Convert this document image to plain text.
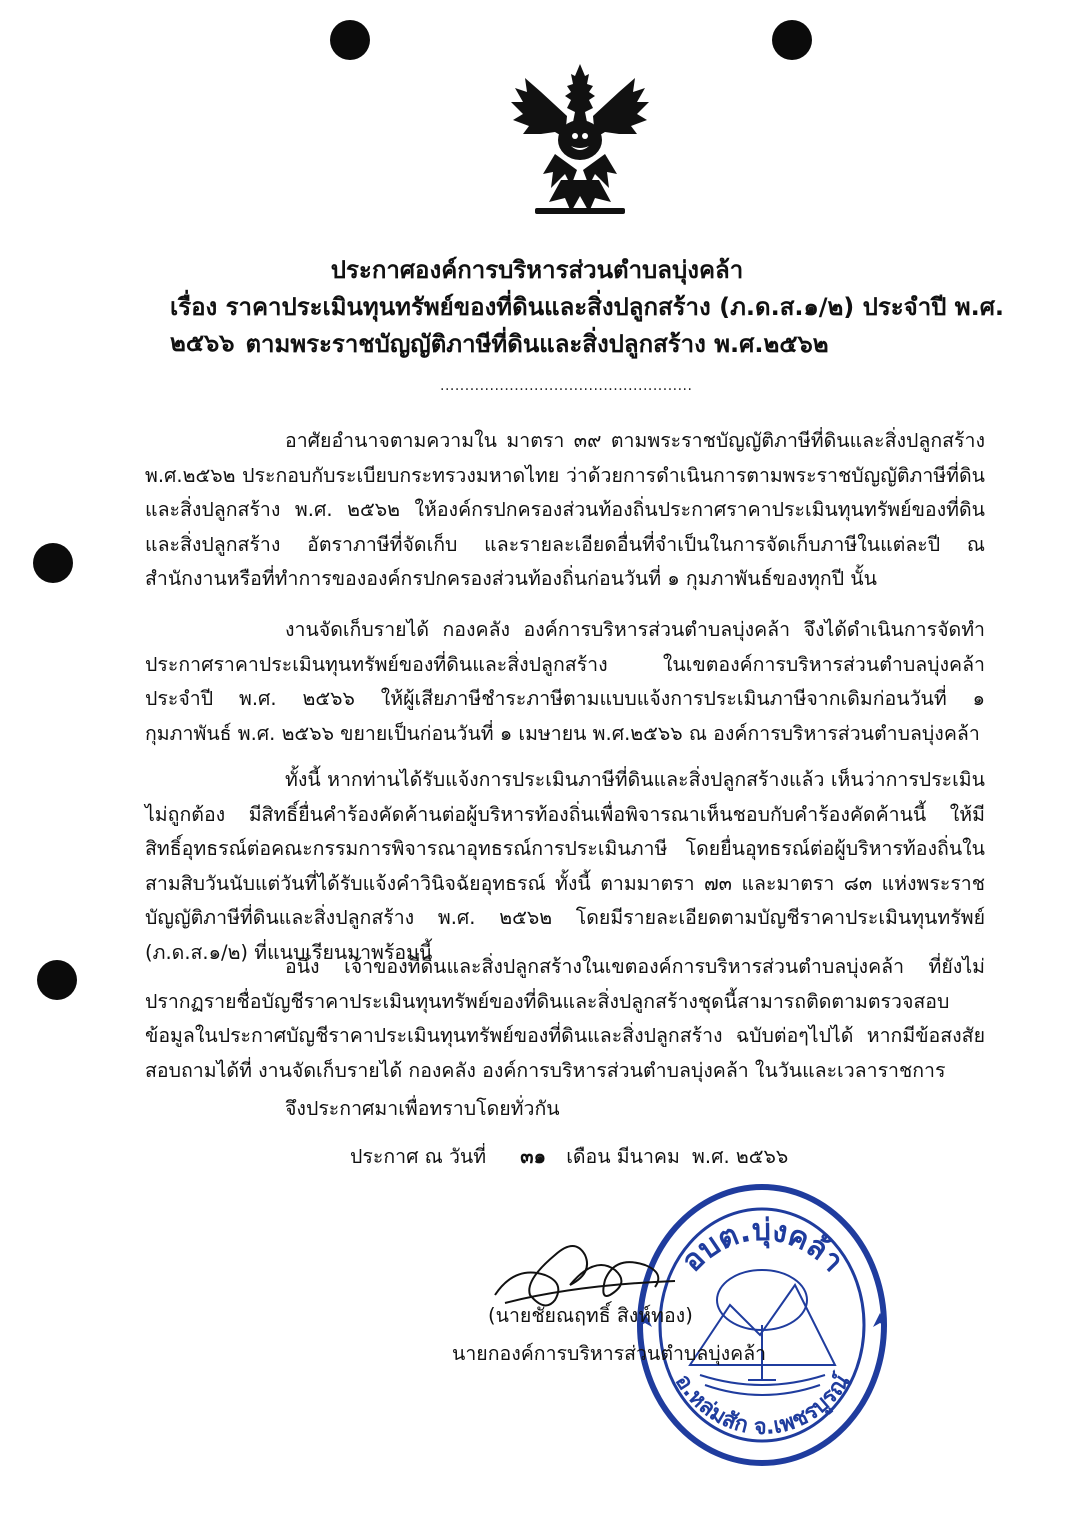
ประกาศองค์การบริหารส่วนตำบลบุ่งคล้า
เรื่อง ราคาประเมินทุนทรัพย์ของที่ดินและสิ่งปลูกสร้าง (ภ.ด.ส.๑/๒) ประจำปี พ.ศ. ๒๕๖๖ ตามพระราชบัญญัติภาษีที่ดินและสิ่งปลูกสร้าง พ.ศ.๒๕๖๒
...................................................
อาศัยอำนาจตามความใน มาตรา ๓๙ ตามพระราชบัญญัติภาษีที่ดินและสิ่งปลูกสร้าง พ.ศ.๒๕๖๒ ประกอบกับระเบียบกระทรวงมหาดไทย ว่าด้วยการดำเนินการตามพระราชบัญญัติภาษีที่ดินและสิ่งปลูกสร้าง พ.ศ. ๒๕๖๒ ให้องค์กรปกครองส่วนท้องถิ่นประกาศราคาประเมินทุนทรัพย์ของที่ดินและสิ่งปลูกสร้าง อัตราภาษีที่จัดเก็บ และรายละเอียดอื่นที่จำเป็นในการจัดเก็บภาษีในแต่ละปี ณ สำนักงานหรือที่ทำการขององค์กรปกครองส่วนท้องถิ่นก่อนวันที่ ๑ กุมภาพันธ์ของทุกปี นั้น
งานจัดเก็บรายได้ กองคลัง องค์การบริหารส่วนตำบลบุ่งคล้า จึงได้ดำเนินการจัดทำ ประกาศราคาประเมินทุนทรัพย์ของที่ดินและสิ่งปลูกสร้าง ในเขตองค์การบริหารส่วนตำบลบุ่งคล้า ประจำปี พ.ศ. ๒๕๖๖ ให้ผู้เสียภาษีชำระภาษีตามแบบแจ้งการประเมินภาษีจากเดิมก่อนวันที่ ๑ กุมภาพันธ์ พ.ศ. ๒๕๖๖ ขยายเป็นก่อนวันที่ ๑ เมษายน พ.ศ.๒๕๖๖ ณ องค์การบริหารส่วนตำบลบุ่งคล้า
ทั้งนี้ หากท่านได้รับแจ้งการประเมินภาษีที่ดินและสิ่งปลูกสร้างแล้ว เห็นว่าการประเมินไม่ถูกต้อง มีสิทธิ์ยื่นคำร้องคัดค้านต่อผู้บริหารท้องถิ่นเพื่อพิจารณาเห็นชอบกับคำร้องคัดค้านนี้ ให้มีสิทธิ์อุทธรณ์ต่อคณะกรรมการพิจารณาอุทธรณ์การประเมินภาษี โดยยื่นอุทธรณ์ต่อผู้บริหารท้องถิ่นในสามสิบวันนับแต่วันที่ได้รับแจ้งคำวินิจฉัยอุทธรณ์ ทั้งนี้ ตามมาตรา ๗๓ และมาตรา ๘๓ แห่งพระราชบัญญัติภาษีที่ดินและสิ่งปลูกสร้าง พ.ศ. ๒๕๖๒ โดยมีรายละเอียดตามบัญชีราคาประเมินทุนทรัพย์ (ภ.ด.ส.๑/๒) ที่แนบเรียนมาพร้อมนี้
อนึ่ง เจ้าของที่ดินและสิ่งปลูกสร้างในเขตองค์การบริหารส่วนตำบลบุ่งคล้า ที่ยังไม่ปรากฏรายชื่อบัญชีราคาประเมินทุนทรัพย์ของที่ดินและสิ่งปลูกสร้างชุดนี้สามารถติดตามตรวจสอบข้อมูลในประกาศบัญชีราคาประเมินทุนทรัพย์ของที่ดินและสิ่งปลูกสร้าง ฉบับต่อๆไปได้ หากมีข้อสงสัย สอบถามได้ที่ งานจัดเก็บรายได้ กองคลัง องค์การบริหารส่วนตำบลบุ่งคล้า ในวันและเวลาราชการ
จึงประกาศมาเพื่อทราบโดยทั่วกัน
ประกาศ ณ วันที่ ๓๑ เดือน มีนาคม พ.ศ. ๒๕๖๖
อบต.บุ่งคล้า
อ.หล่มสัก จ.เพชรบูรณ์
(นายชัยณฤทธิ์ สิงห์ทอง)
นายกองค์การบริหารส่วนตำบลบุ่งคล้า
